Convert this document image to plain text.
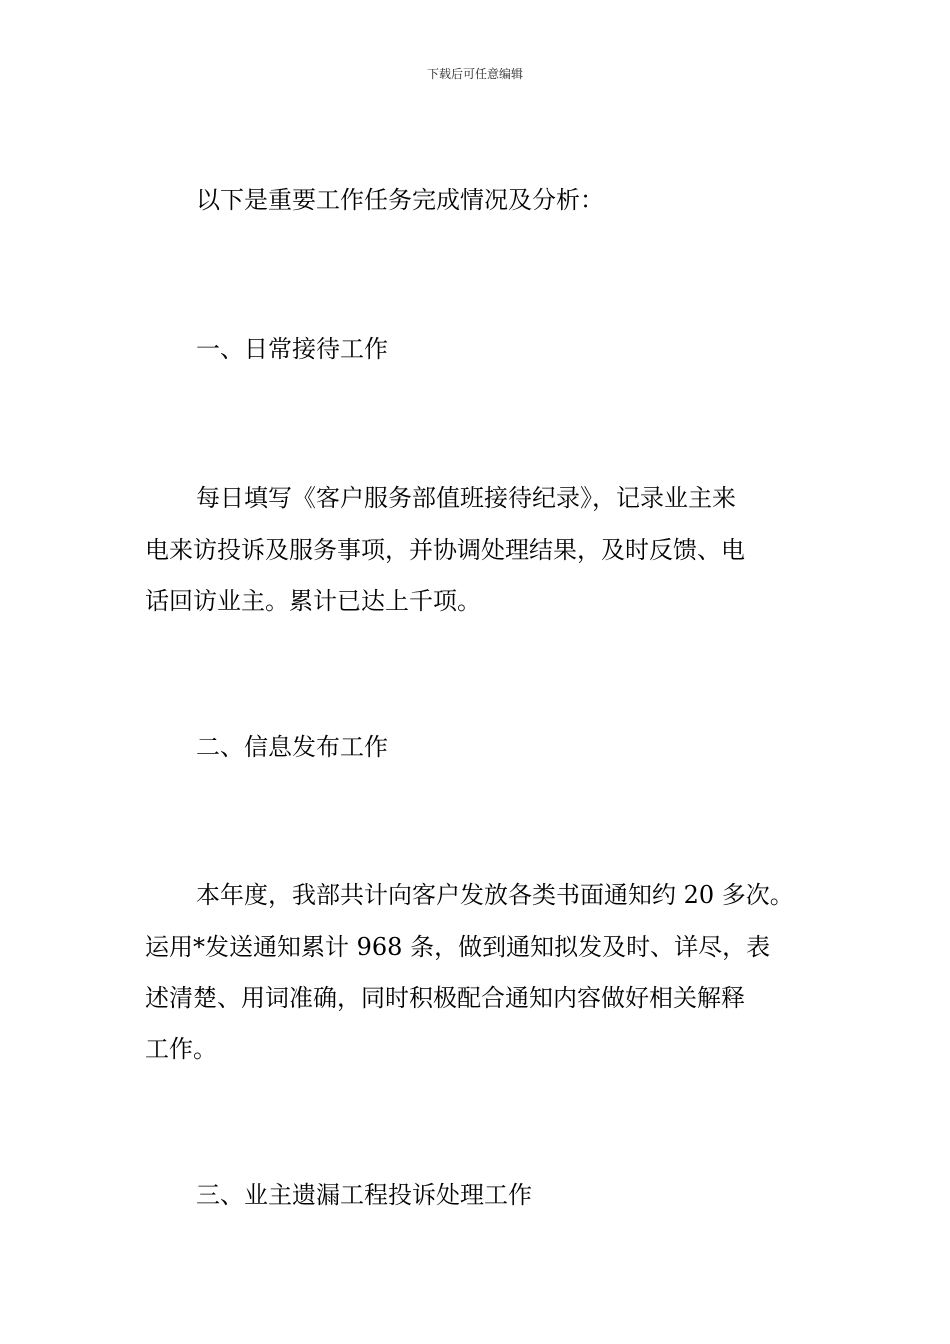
下载后可任意编辑
以下是重要工作任务完成情况及分析：
一、日常接待工作
每日填写《客户服务部值班接待纪录》，记录业主来
电来访投诉及服务事项，并协调处理结果，及时反馈、电
话回访业主。累计已达上千项。
二、信息发布工作
本年度，我部共计向客户发放各类书面通知约 20 多次。
运用*发送通知累计 968 条，做到通知拟发及时、详尽，表
述清楚、用词准确，同时积极配合通知内容做好相关解释
工作。
三、业主遗漏工程投诉处理工作
